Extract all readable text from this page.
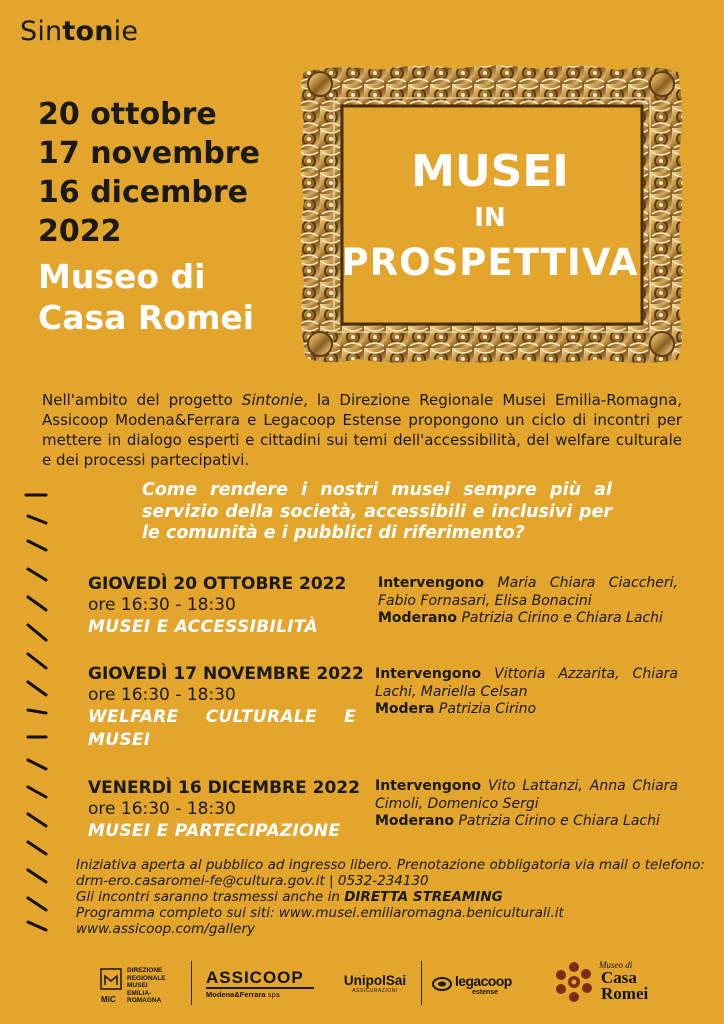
Sintonie
20 ottobre
17 novembre
16 dicembre
2022
Museo di
Casa Romei
MUSEI
IN
PROSPETTIVA
Nell'ambito del progetto Sintonie, la Direzione Regionale Musei Emilia-Romagna, Assicoop Modena&Ferrara e Legacoop Estense propongono un ciclo di incontri per mettere in dialogo esperti e cittadini sui temi dell'accessibilità, del welfare culturale e dei processi partecipativi.
Come rendere i nostri musei sempre più al servizio della società, accessibili e inclusivi per le comunità e i pubblici di riferimento?
GIOVEDÌ 20 OTTOBRE 2022
ore 16:30 - 18:30
MUSEI E ACCESSIBILITÀ
Intervengono Maria Chiara Ciaccheri, Fabio Fornasari, Elisa Bonacini
Moderano Patrizia Cirino e Chiara Lachi
GIOVEDÌ 17 NOVEMBRE 2022
ore 16:30 - 18:30
WELFARE CULTURALE E MUSEI
Intervengono Vittoria Azzarita, Chiara Lachi, Mariella Celsan
Modera Patrizia Cirino
VENERDÌ 16 DICEMBRE 2022
ore 16:30 - 18:30
MUSEI E PARTECIPAZIONE
Intervengono Vito Lattanzi, Anna Chiara Cimoli, Domenico Sergi
Moderano Patrizia Cirino e Chiara Lachi
Iniziativa aperta al pubblico ad ingresso libero. Prenotazione obbligatoria via mail o telefono:
drm-ero.casaromei-fe@cultura.gov.it | 0532-234130
Gli incontri saranno trasmessi anche in DIRETTA STREAMING
Programma completo sui siti: www.musei.emiliaromagna.beniculturali.it
www.assicoop.com/gallery
MiC
DIREZIONE
REGIONALE
MUSEI
EMILIA-ROMAGNA
ASSICOOP
Modena&Ferrara spa
UnipolSai
ASSICURAZIONI
legacoop
estense
Museo di
Casa
Romei
